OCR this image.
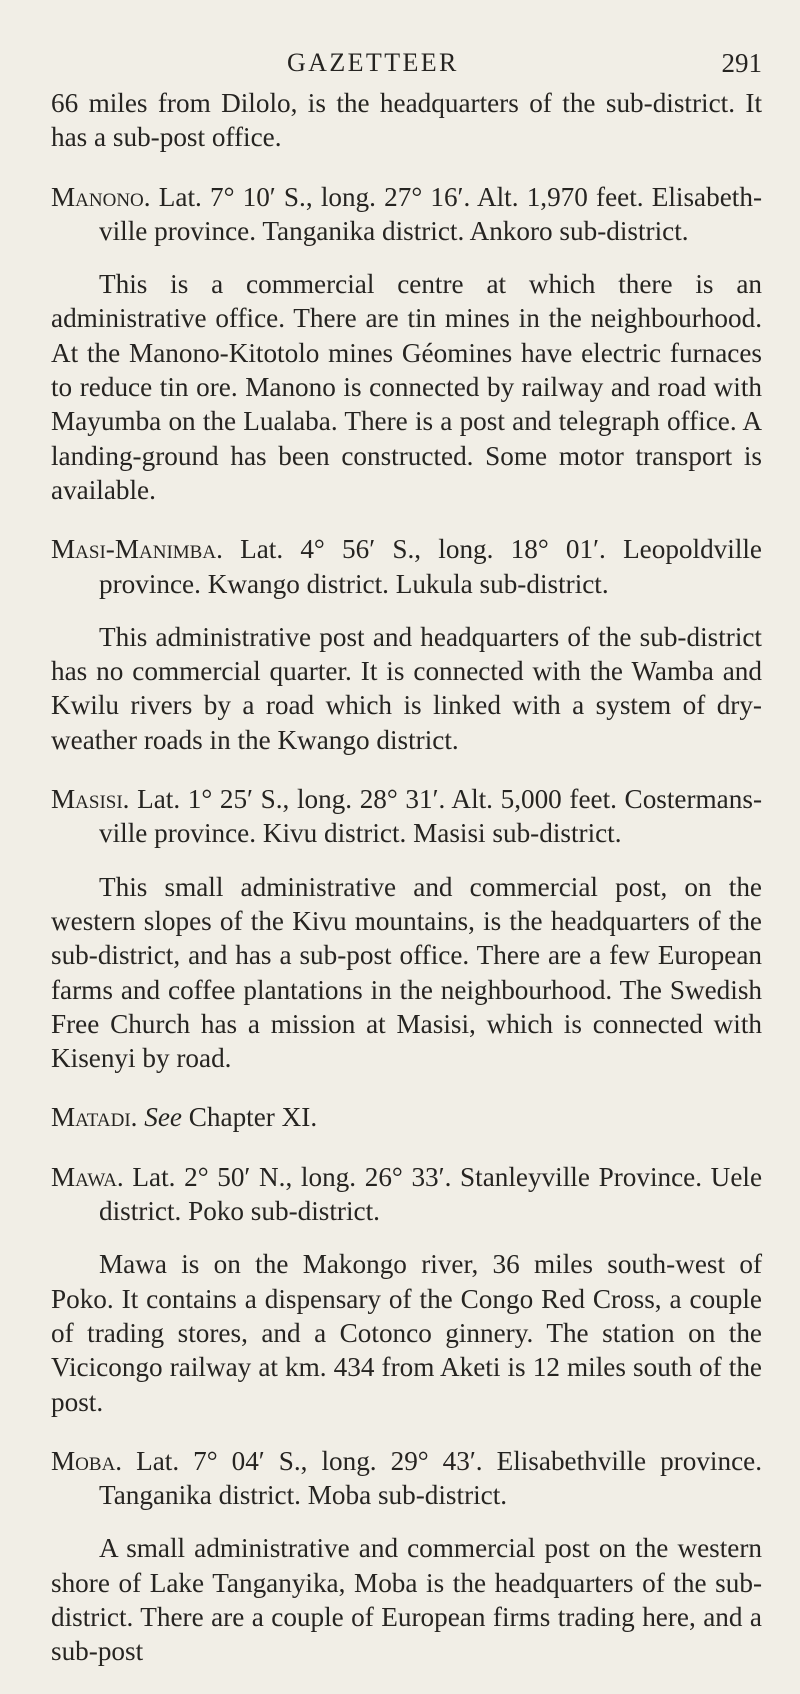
GAZETTEER	291

66 miles from Dilolo, is the headquarters of the sub-district. It has a sub-post office.

Manono. Lat. 7° 10′ S., long. 27° 16′. Alt. 1,970 feet. Elisabethville province. Tanganika district. Ankoro sub-district.

This is a commercial centre at which there is an administrative office. There are tin mines in the neighbourhood. At the Manono-Kitotolo mines Géomines have electric furnaces to reduce tin ore. Manono is connected by railway and road with Mayumba on the Lualaba. There is a post and telegraph office. A landing-ground has been constructed. Some motor transport is available.

Masi-Manimba. Lat. 4° 56′ S., long. 18° 01′. Leopoldville province. Kwango district. Lukula sub-district.

This administrative post and headquarters of the sub-district has no commercial quarter. It is connected with the Wamba and Kwilu rivers by a road which is linked with a system of dry-weather roads in the Kwango district.

Masisi. Lat. 1° 25′ S., long. 28° 31′. Alt. 5,000 feet. Costermansville province. Kivu district. Masisi sub-district.

This small administrative and commercial post, on the western slopes of the Kivu mountains, is the headquarters of the sub-district, and has a sub-post office. There are a few European farms and coffee plantations in the neighbourhood. The Swedish Free Church has a mission at Masisi, which is connected with Kisenyi by road.

Matadi. See Chapter XI.

Mawa. Lat. 2° 50′ N., long. 26° 33′. Stanleyville Province. Uele district. Poko sub-district.

Mawa is on the Makongo river, 36 miles south-west of Poko. It contains a dispensary of the Congo Red Cross, a couple of trading stores, and a Cotonco ginnery. The station on the Vicicongo railway at km. 434 from Aketi is 12 miles south of the post.

Moba. Lat. 7° 04′ S., long. 29° 43′. Elisabethville province. Tanganika district. Moba sub-district.

A small administrative and commercial post on the western shore of Lake Tanganyika, Moba is the headquarters of the sub-district. There are a couple of European firms trading here, and a sub-post
